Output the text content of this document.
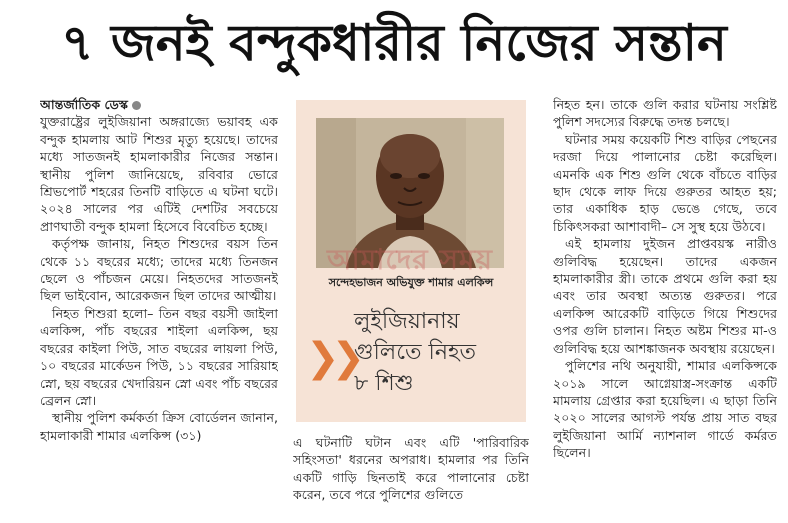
৭ জনই বন্দুকধারীর নিজের সন্তান

আন্তর্জাতিক ডেস্ক

যুক্তরাষ্ট্রের লুইজিয়ানা অঙ্গরাজ্যে ভয়াবহ এক বন্দুক হামলায় আট শিশুর মৃত্যু হয়েছে। তাদের মধ্যে সাতজনই হামলাকারীর নিজের সন্তান। স্থানীয় পুলিশ জানিয়েছে, রবিবার ভোরে শ্রিভপোর্ট শহরের তিনটি বাড়িতে এ ঘটনা ঘটে। ২০২৪ সালের পর এটিই দেশটির সবচেয়ে প্রাণঘাতী বন্দুক হামলা হিসেবে বিবেচিত হচ্ছে।

কর্তৃপক্ষ জানায়, নিহত শিশুদের বয়স তিন থেকে ১১ বছরের মধ্যে; তাদের মধ্যে তিনজন ছেলে ও পাঁচজন মেয়ে। নিহতদের সাতজনই ছিল ভাইবোন, আরেকজন ছিল তাদের আত্মীয়।

নিহত শিশুরা হলো– তিন বছর বয়সী জাইলা এলকিন্স, পাঁচ বছরের শাইলা এলকিন্স, ছয় বছরের কাইলা পিউ, সাত বছরের লায়লা পিউ, ১০ বছরের মার্কেডন পিউ, ১১ বছরের সারিয়াহ স্নো, ছয় বছরের খেদারিয়ন স্নো এবং পাঁচ বছরের ব্রেলন স্নো।

স্থানীয় পুলিশ কর্মকর্তা ক্রিস বোর্ডেলন জানান, হামলাকারী শামার এলকিন্স (৩১)

আমাদের সময়
সন্দেহভাজন অভিযুক্ত শামার এলকিন্স
❯❯
লুইজিয়ানায়
গুলিতে নিহত
৮ শিশু

এ ঘটনাটি ঘটান এবং এটি 'পারিবারিক সহিংসতা' ধরনের অপরাধ। হামলার পর তিনি একটি গাড়ি ছিনতাই করে পালানোর চেষ্টা করেন, তবে পরে পুলিশের গুলিতে

নিহত হন। তাকে গুলি করার ঘটনায় সংশ্লিষ্ট পুলিশ সদস্যের বিরুদ্ধে তদন্ত চলছে।

ঘটনার সময় কয়েকটি শিশু বাড়ির পেছনের দরজা দিয়ে পালানোর চেষ্টা করেছিল। এমনকি এক শিশু গুলি থেকে বাঁচতে বাড়ির ছাদ থেকে লাফ দিয়ে গুরুতর আহত হয়; তার একাধিক হাড় ভেঙে গেছে, তবে চিকিৎসকরা আশাবাদী– সে সুস্থ হয়ে উঠবে।

এই হামলায় দুইজন প্রাপ্তবয়স্ক নারীও গুলিবিদ্ধ হয়েছেন। তাদের একজন হামলাকারীর স্ত্রী। তাকে প্রথমে গুলি করা হয় এবং তার অবস্থা অত্যন্ত গুরুতর। পরে এলকিন্স আরেকটি বাড়িতে গিয়ে শিশুদের ওপর গুলি চালান। নিহত অষ্টম শিশুর মা-ও গুলিবিদ্ধ হয়ে আশঙ্কাজনক অবস্থায় রয়েছেন।

পুলিশের নথি অনুযায়ী, শামার এলকিন্সকে ২০১৯ সালে আগ্নেয়াস্ত্র-সংক্রান্ত একটি মামলায় গ্রেপ্তার করা হয়েছিল। এ ছাড়া তিনি ২০২০ সালের আগস্ট পর্যন্ত প্রায় সাত বছর লুইজিয়ানা আর্মি ন্যাশনাল গার্ডে কর্মরত ছিলেন।
